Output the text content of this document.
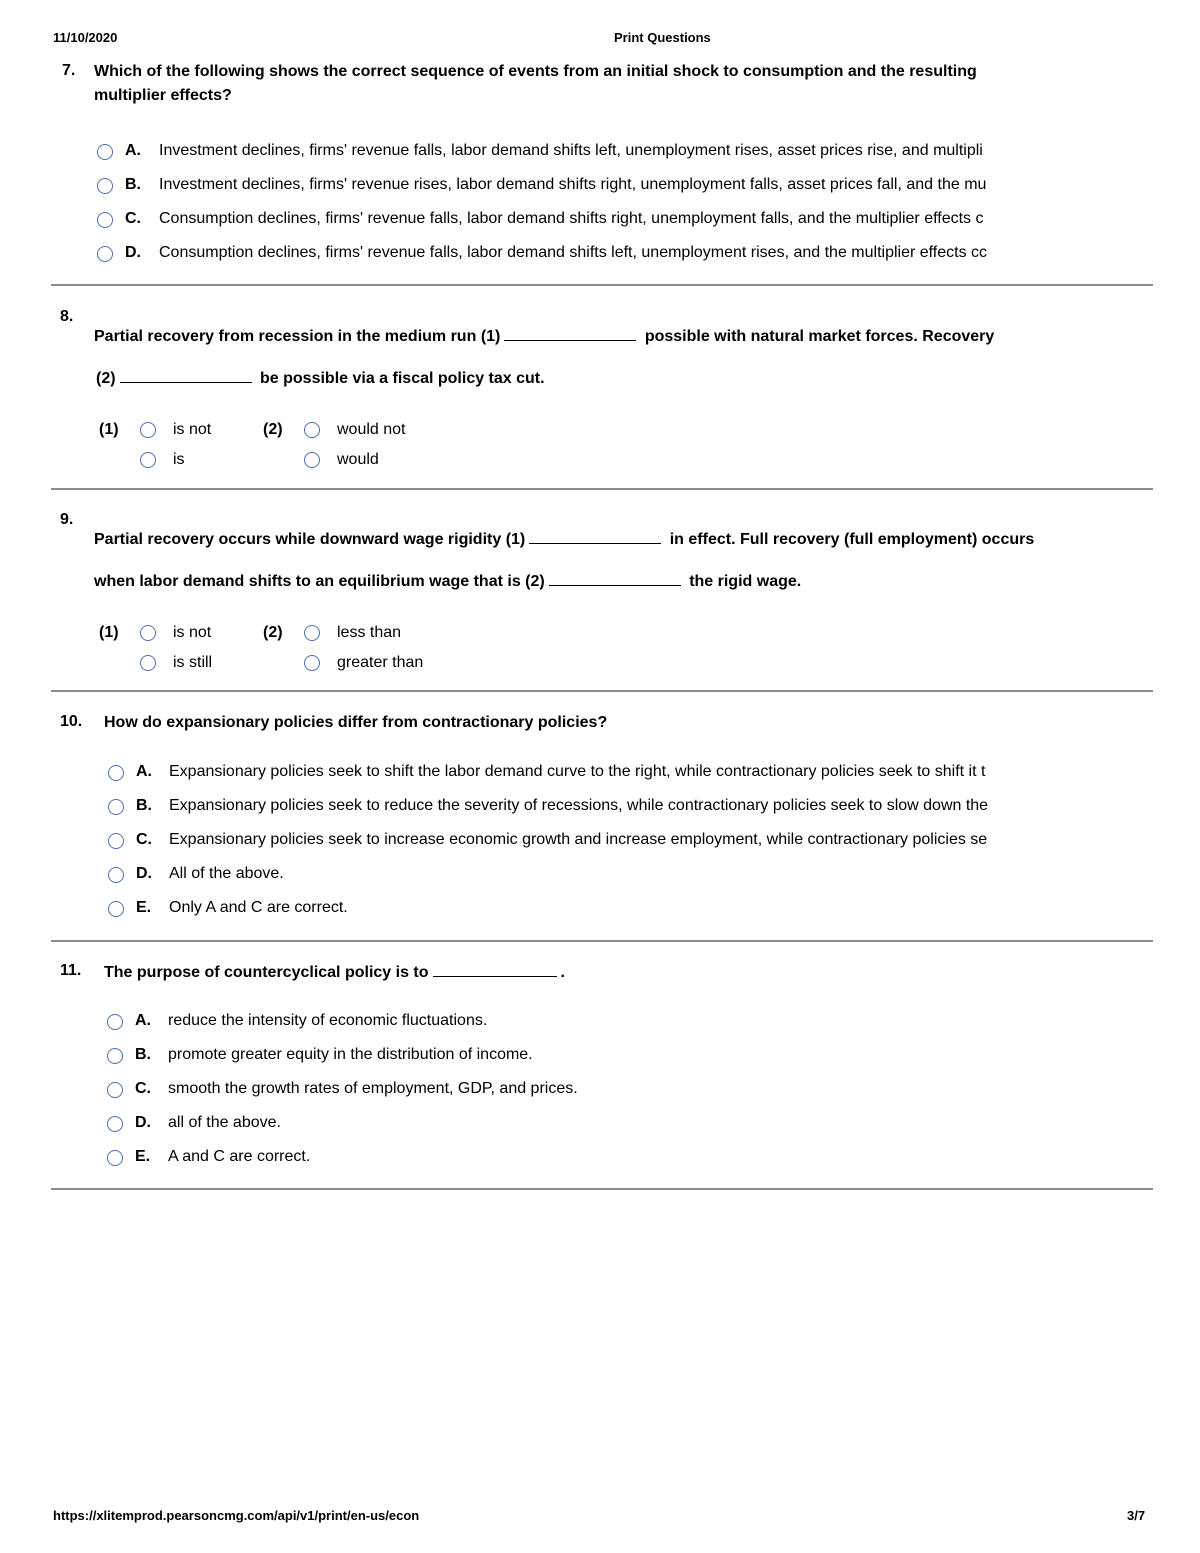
11/10/2020	Print Questions
7. Which of the following shows the correct sequence of events from an initial shock to consumption and the resulting
multiplier effects?
A. Investment declines, firms' revenue falls, labor demand shifts left, unemployment rises, asset prices rise, and multipli
B. Investment declines, firms' revenue rises, labor demand shifts right, unemployment falls, asset prices fall, and the mu
C. Consumption declines, firms' revenue falls, labor demand shifts right, unemployment falls, and the multiplier effects c
D. Consumption declines, firms' revenue falls, labor demand shifts left, unemployment rises, and the multiplier effects cc
8.
Partial recovery from recession in the medium run (1)	possible with natural market forces. Recovery
(2)	be possible via a fiscal policy tax cut.
(1)	is not
is
(2)	would not
would
9.
Partial recovery occurs while downward wage rigidity (1)	in effect. Full recovery (full employment) occurs
when labor demand shifts to an equilibrium wage that is (2)	the rigid wage.
(1)	is not
is still
(2)	less than
greater than
10. How do expansionary policies differ from contractionary policies?
A. Expansionary policies seek to shift the labor demand curve to the right, while contractionary policies seek to shift it t
B. Expansionary policies seek to reduce the severity of recessions, while contractionary policies seek to slow down the
C. Expansionary policies seek to increase economic growth and increase employment, while contractionary policies se
D. All of the above.
E. Only A and C are correct.
11. The purpose of countercyclical policy is to	.
A. reduce the intensity of economic fluctuations.
B. promote greater equity in the distribution of income.
C. smooth the growth rates of employment, GDP, and prices.
D. all of the above.
E. A and C are correct.
https://xlitemprod.pearsoncmg.com/api/v1/print/en-us/econ	3/7
